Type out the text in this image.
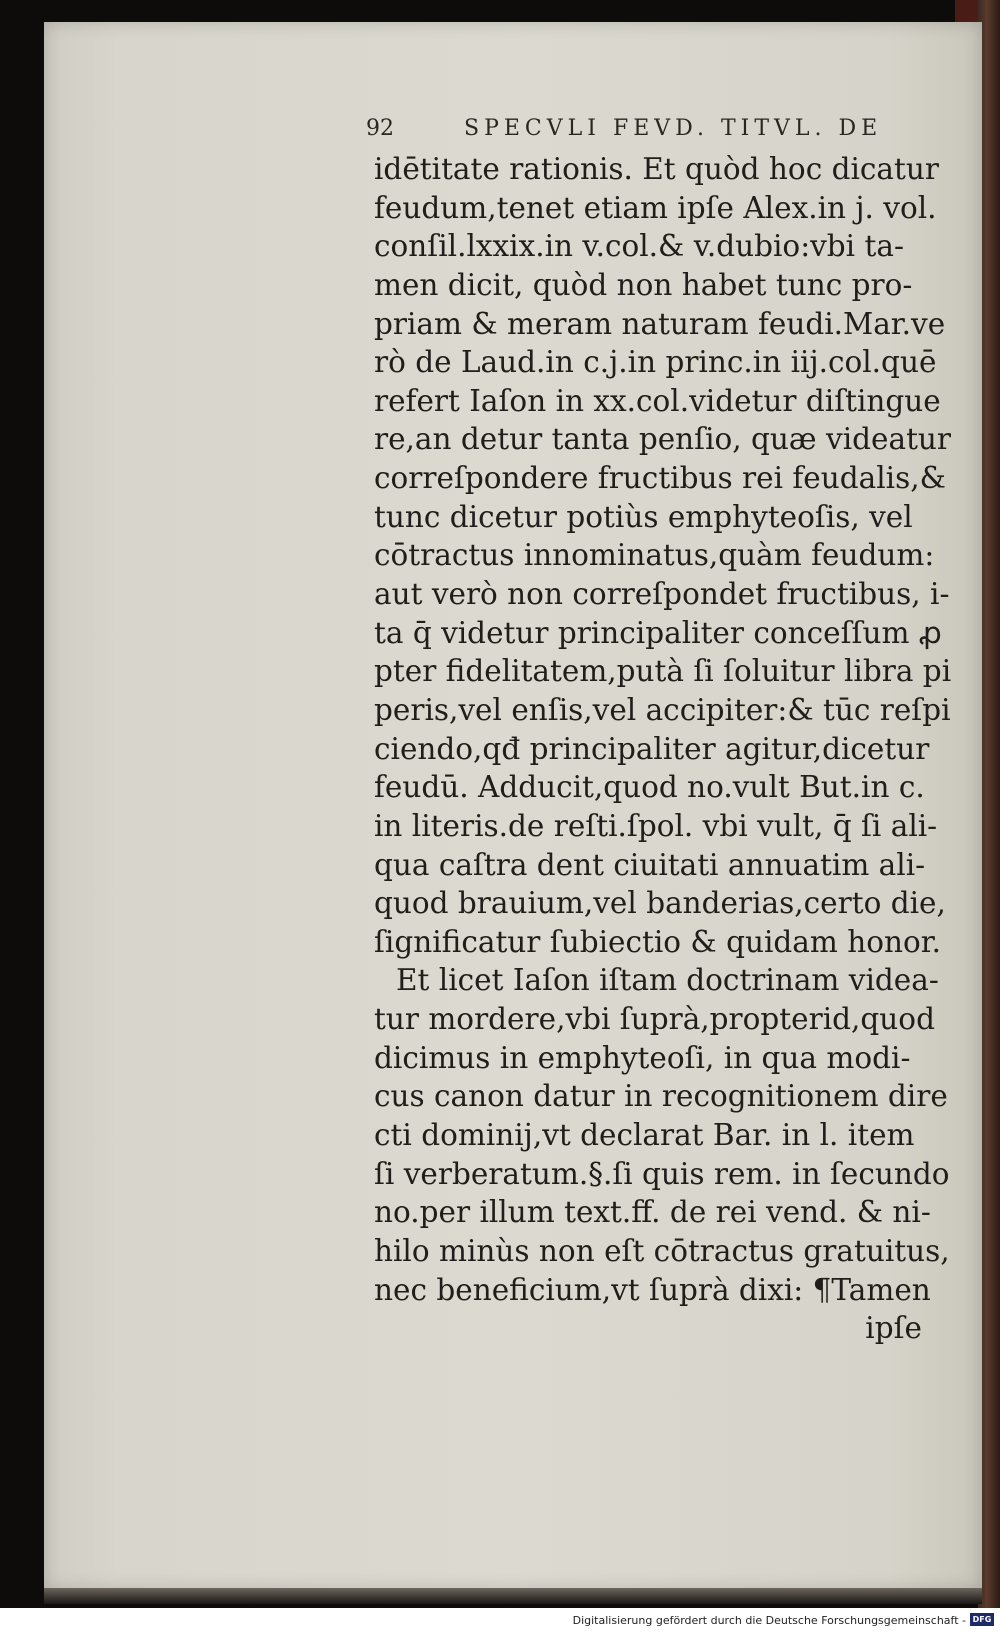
92	SPECVLI FEVD. TITVL. DE
idētitate rationis. Et quòd hoc dicatur
feudum,tenet etiam ipſe Alex.in j. vol.
conſil.lxxix.in v.col.& v.dubio:vbi ta-
men dicit, quòd non habet tunc pro-
priam & meram naturam feudi.Mar.ve
rò de Laud.in c.j.in princ.in iij.col.quē
refert Iaſon in xx.col.videtur diſtingue
re,an detur tanta penſio, quæ videatur
correſpondere fructibus rei feudalis,&
tunc dicetur potiùs emphyteoſis, vel
cōtractus innominatus,quàm feudum:
aut verò non correſpondet fructibus, i-
ta q̄ videtur principaliter conceſſum ꝓ
pter fidelitatem,putà ſi ſoluitur libra pi
peris,vel enſis,vel accipiter:& tūc reſpi
ciendo,qđ principaliter agitur,dicetur
feudū. Adducit,quod no.vult But.in c.
in literis.de reſti.ſpol. vbi vult, q̄ ſi ali-
qua caſtra dent ciuitati annuatim ali-
quod brauium,vel banderias,certo die,
ſignificatur ſubiectio & quidam honor.
Et licet Iaſon iſtam doctrinam videa-
tur mordere,vbi ſuprà,propterid,quod
dicimus in emphyteoſi, in qua modi-
cus canon datur in recognitionem dire
cti dominij,vt declarat Bar. in l. item
ſi verberatum.§.ſi quis rem. in ſecundo
no.per illum text.ff. de rei vend. & ni-
hilo minùs non eſt cōtractus gratuitus,
nec beneficium,vt ſuprà dixi: ¶Tamen
ipſe
Digitalisierung gefördert durch die Deutsche Forschungsgemeinschaft - DFG
